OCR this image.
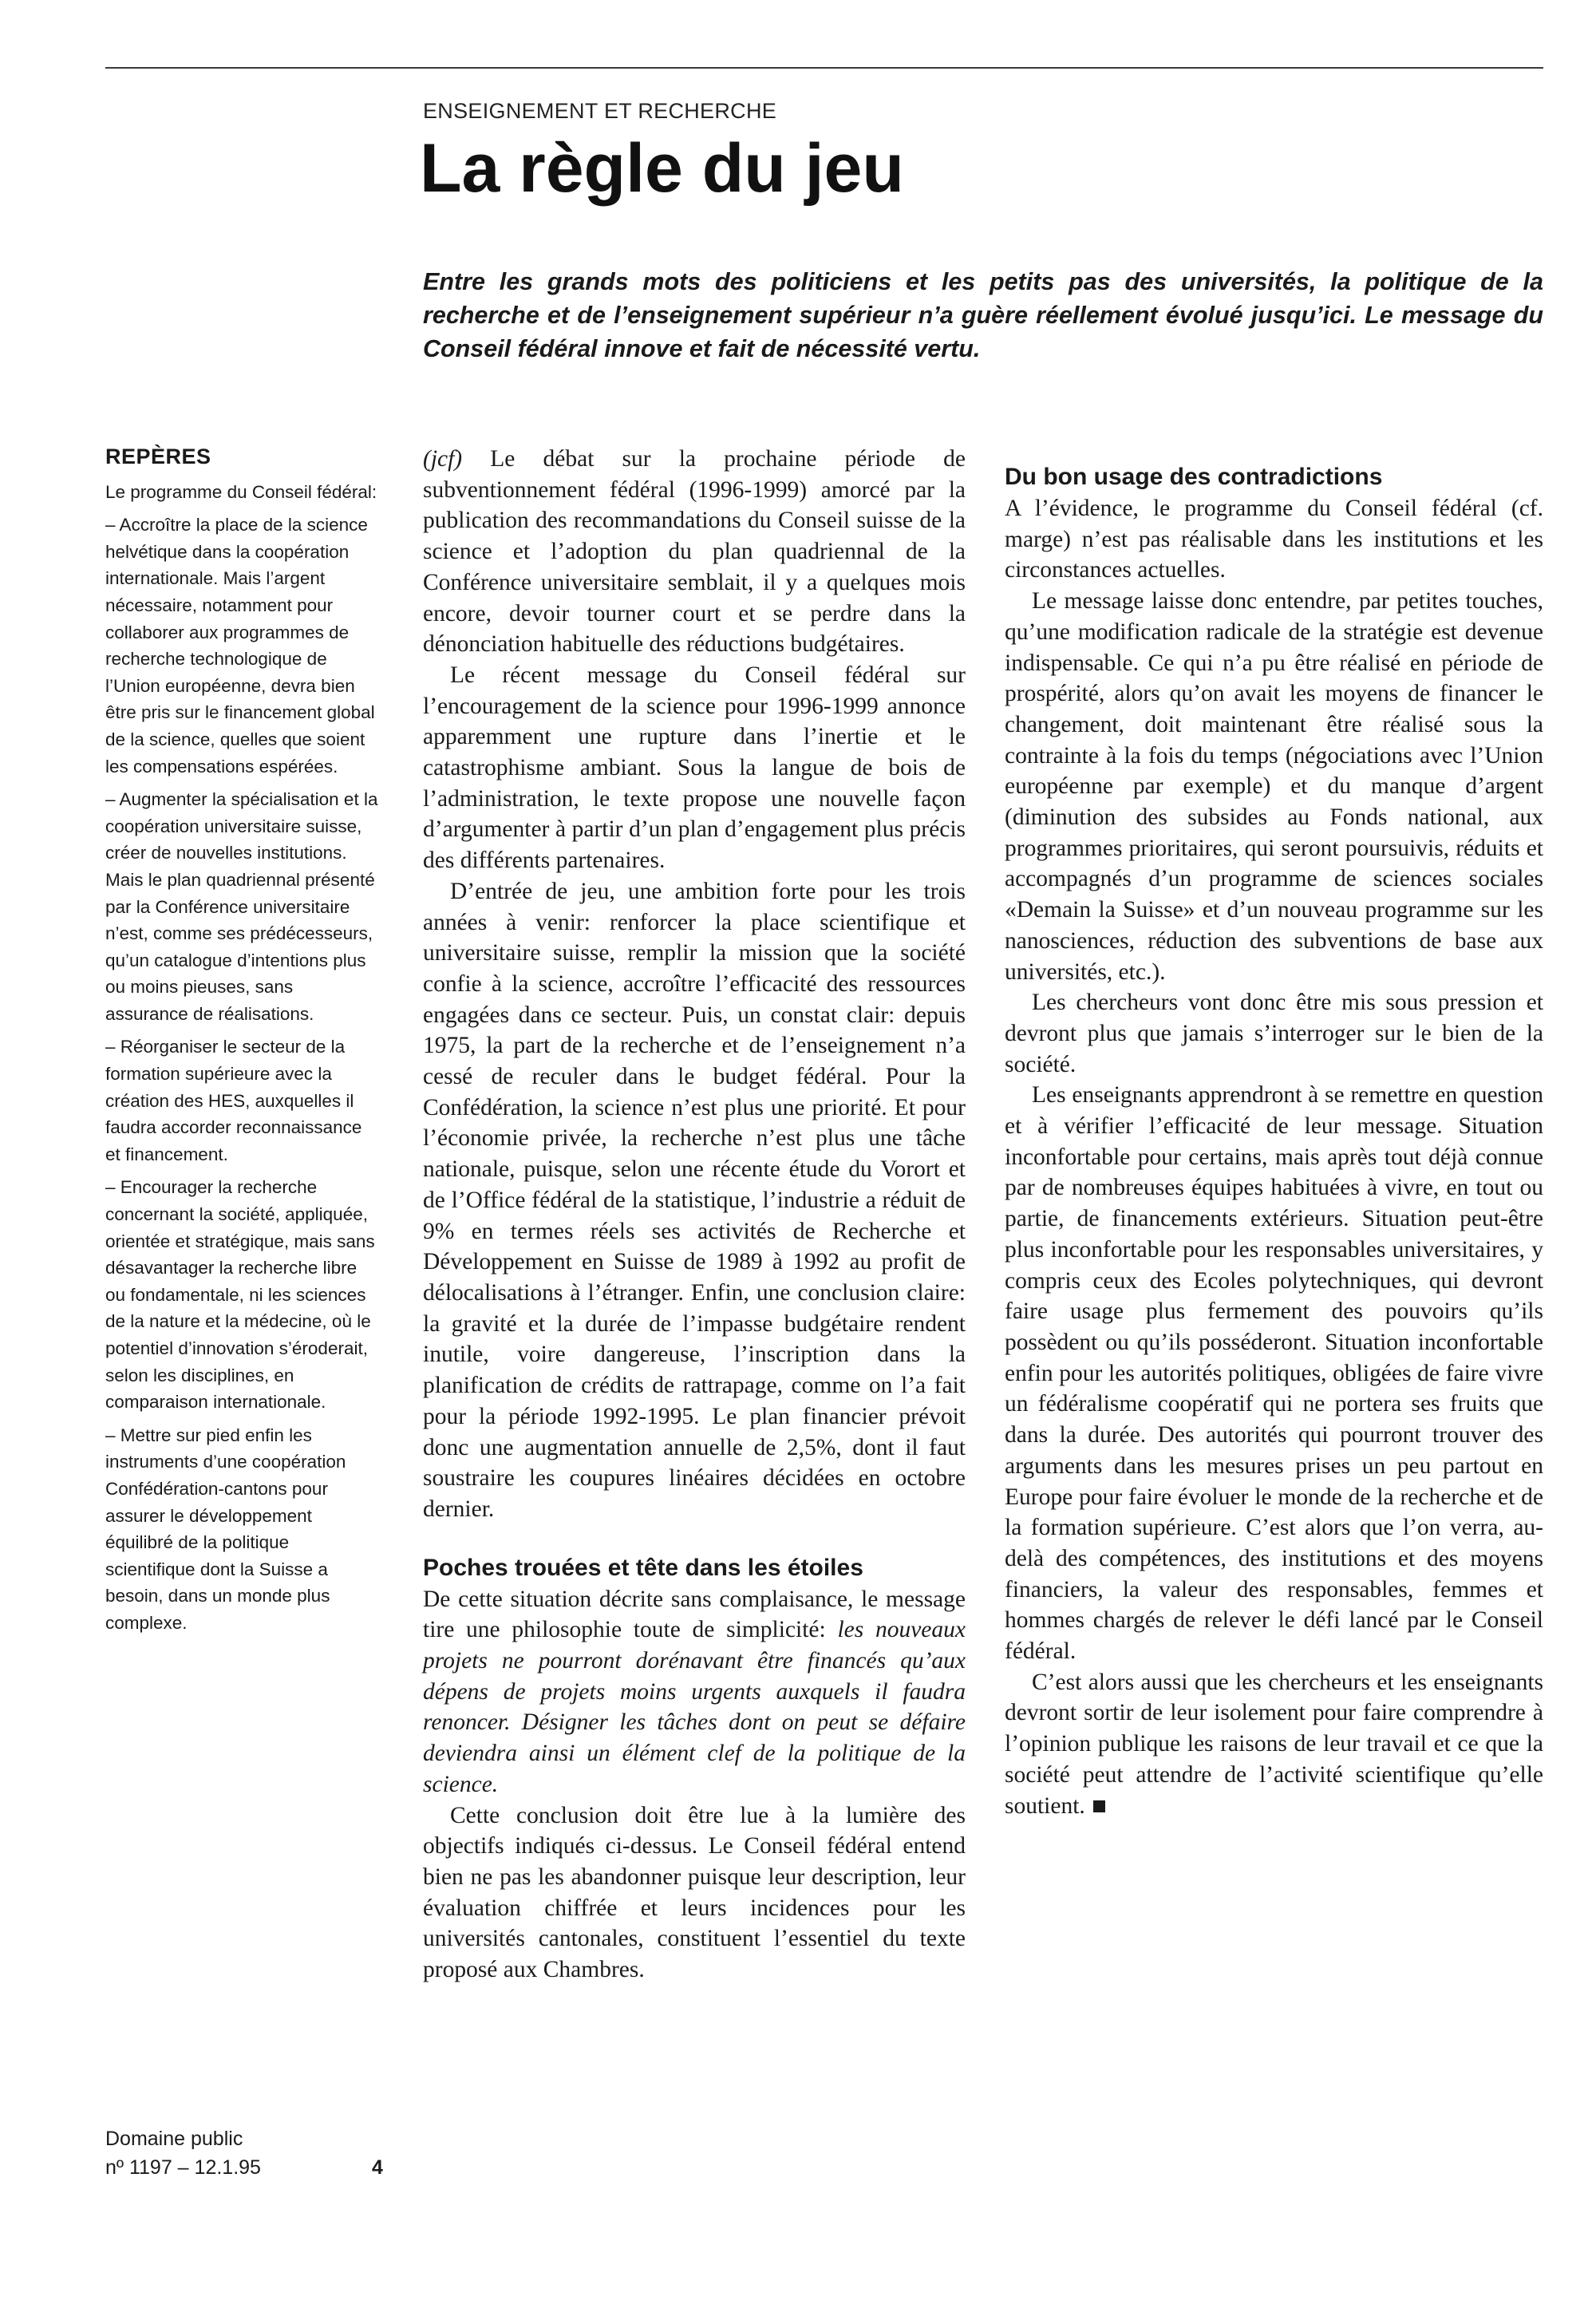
ENSEIGNEMENT ET RECHERCHE
La règle du jeu

Entre les grands mots des politiciens et les petits pas des universités, la politique de la recherche et de l’enseignement supérieur n’a guère réellement évolué jusqu’ici. Le message du Conseil fédéral innove et fait de nécessité vertu.

REPÈRES

Le programme du Conseil fédéral:

– Accroître la place de la science helvétique dans la coopération internationale. Mais l’argent nécessaire, notamment pour collaborer aux programmes de recherche technologique de l’Union européenne, devra bien être pris sur le financement global de la science, quelles que soient les compensations espérées.

– Augmenter la spécialisation et la coopération universitaire suisse, créer de nouvelles institutions. Mais le plan quadriennal présenté par la Conférence universitaire n’est, comme ses prédécesseurs, qu’un catalogue d’intentions plus ou moins pieuses, sans assurance de réalisations.

– Réorganiser le secteur de la formation supérieure avec la création des HES, auxquelles il faudra accorder reconnaissance et financement.

– Encourager la recherche concernant la société, appliquée, orientée et stratégique, mais sans désavantager la recherche libre ou fondamentale, ni les sciences de la nature et la médecine, où le potentiel d’innovation s’éroderait, selon les disciplines, en comparaison internationale.

– Mettre sur pied enfin les instruments d’une coopération Confédération-cantons pour assurer le développement équilibré de la politique scientifique dont la Suisse a besoin, dans un monde plus complexe.

Domaine public
nº 1197 – 12.1.95	4

(jcf) Le débat sur la prochaine période de subventionnement fédéral (1996-1999) amorcé par la publication des recommandations du Conseil suisse de la science et l’adoption du plan quadriennal de la Conférence universitaire semblait, il y a quelques mois encore, devoir tourner court et se perdre dans la dénonciation habituelle des réductions budgétaires.

Le récent message du Conseil fédéral sur l’encouragement de la science pour 1996-1999 annonce apparemment une rupture dans l’inertie et le catastrophisme ambiant. Sous la langue de bois de l’administration, le texte propose une nouvelle façon d’argumenter à partir d’un plan d’engagement plus précis des différents partenaires.

D’entrée de jeu, une ambition forte pour les trois années à venir: renforcer la place scientifique et universitaire suisse, remplir la mission que la société confie à la science, accroître l’efficacité des ressources engagées dans ce secteur. Puis, un constat clair: depuis 1975, la part de la recherche et de l’enseignement n’a cessé de reculer dans le budget fédéral. Pour la Confédération, la science n’est plus une priorité. Et pour l’économie privée, la recherche n’est plus une tâche nationale, puisque, selon une récente étude du Vorort et de l’Office fédéral de la statistique, l’industrie a réduit de 9% en termes réels ses activités de Recherche et Développement en Suisse de 1989 à 1992 au profit de délocalisations à l’étranger. Enfin, une conclusion claire: la gravité et la durée de l’impasse budgétaire rendent inutile, voire dangereuse, l’inscription dans la planification de crédits de rattrapage, comme on l’a fait pour la période 1992-1995. Le plan financier prévoit donc une augmentation annuelle de 2,5%, dont il faut soustraire les coupures linéaires décidées en octobre dernier.

Poches trouées et tête dans les étoiles

De cette situation décrite sans complaisance, le message tire une philosophie toute de simplicité: les nouveaux projets ne pourront dorénavant être financés qu’aux dépens de projets moins urgents auxquels il faudra renoncer. Désigner les tâches dont on peut se défaire deviendra ainsi un élément clef de la politique de la science.

Cette conclusion doit être lue à la lumière des objectifs indiqués ci-dessus. Le Conseil fédéral entend bien ne pas les abandonner puisque leur description, leur évaluation chiffrée et leurs incidences pour les universités cantonales, constituent l’essentiel du texte proposé aux Chambres.

Du bon usage des contradictions

A l’évidence, le programme du Conseil fédéral (cf. marge) n’est pas réalisable dans les institutions et les circonstances actuelles.

Le message laisse donc entendre, par petites touches, qu’une modification radicale de la stratégie est devenue indispensable. Ce qui n’a pu être réalisé en période de prospérité, alors qu’on avait les moyens de financer le changement, doit maintenant être réalisé sous la contrainte à la fois du temps (négociations avec l’Union européenne par exemple) et du manque d’argent (diminution des subsides au Fonds national, aux programmes prioritaires, qui seront poursuivis, réduits et accompagnés d’un programme de sciences sociales «Demain la Suisse» et d’un nouveau programme sur les nanosciences, réduction des subventions de base aux universités, etc.).

Les chercheurs vont donc être mis sous pression et devront plus que jamais s’interroger sur le bien de la société.

Les enseignants apprendront à se remettre en question et à vérifier l’efficacité de leur message. Situation inconfortable pour certains, mais après tout déjà connue par de nombreuses équipes habituées à vivre, en tout ou partie, de financements extérieurs. Situation peut-être plus inconfortable pour les responsables universitaires, y compris ceux des Ecoles polytechniques, qui devront faire usage plus fermement des pouvoirs qu’ils possèdent ou qu’ils posséderont. Situation inconfortable enfin pour les autorités politiques, obligées de faire vivre un fédéralisme coopératif qui ne portera ses fruits que dans la durée. Des autorités qui pourront trouver des arguments dans les mesures prises un peu partout en Europe pour faire évoluer le monde de la recherche et de la formation supérieure. C’est alors que l’on verra, au-delà des compétences, des institutions et des moyens financiers, la valeur des responsables, femmes et hommes chargés de relever le défi lancé par le Conseil fédéral.

C’est alors aussi que les chercheurs et les enseignants devront sortir de leur isolement pour faire comprendre à l’opinion publique les raisons de leur travail et ce que la société peut attendre de l’activité scientifique qu’elle soutient.
